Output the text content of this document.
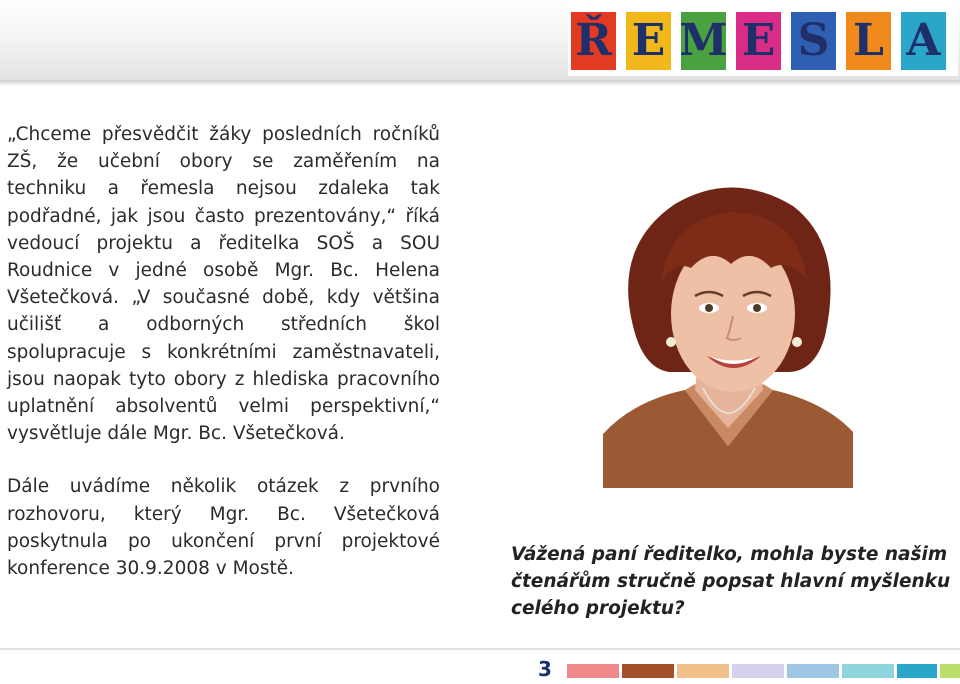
Ř E M E S L A

„Chceme přesvědčit žáky posledních ročníků ZŠ, že učební obory se zaměřením na techniku a řemesla nejsou zdaleka tak podřadné, jak jsou často prezentovány,“ říká vedoucí projektu a ředitelka SOŠ a SOU Roudnice v jedné osobě Mgr. Bc. Helena Všetečková. „V současné době, kdy většina učilišť a odborných středních škol spolupracuje s konkrétními zaměstnavateli, jsou naopak tyto obory z hlediska pracovního uplatnění absolventů velmi perspektivní,“ vysvětluje dále Mgr. Bc. Všetečková.

Dále uvádíme několik otázek z prvního rozhovoru, který Mgr. Bc. Všetečková poskytnula po ukončení první projektové konference 30.9.2008 v Mostě.

Vážená paní ředitelko, mohla byste našim čtenářům stručně popsat hlavní myšlenku celého projektu?

3
